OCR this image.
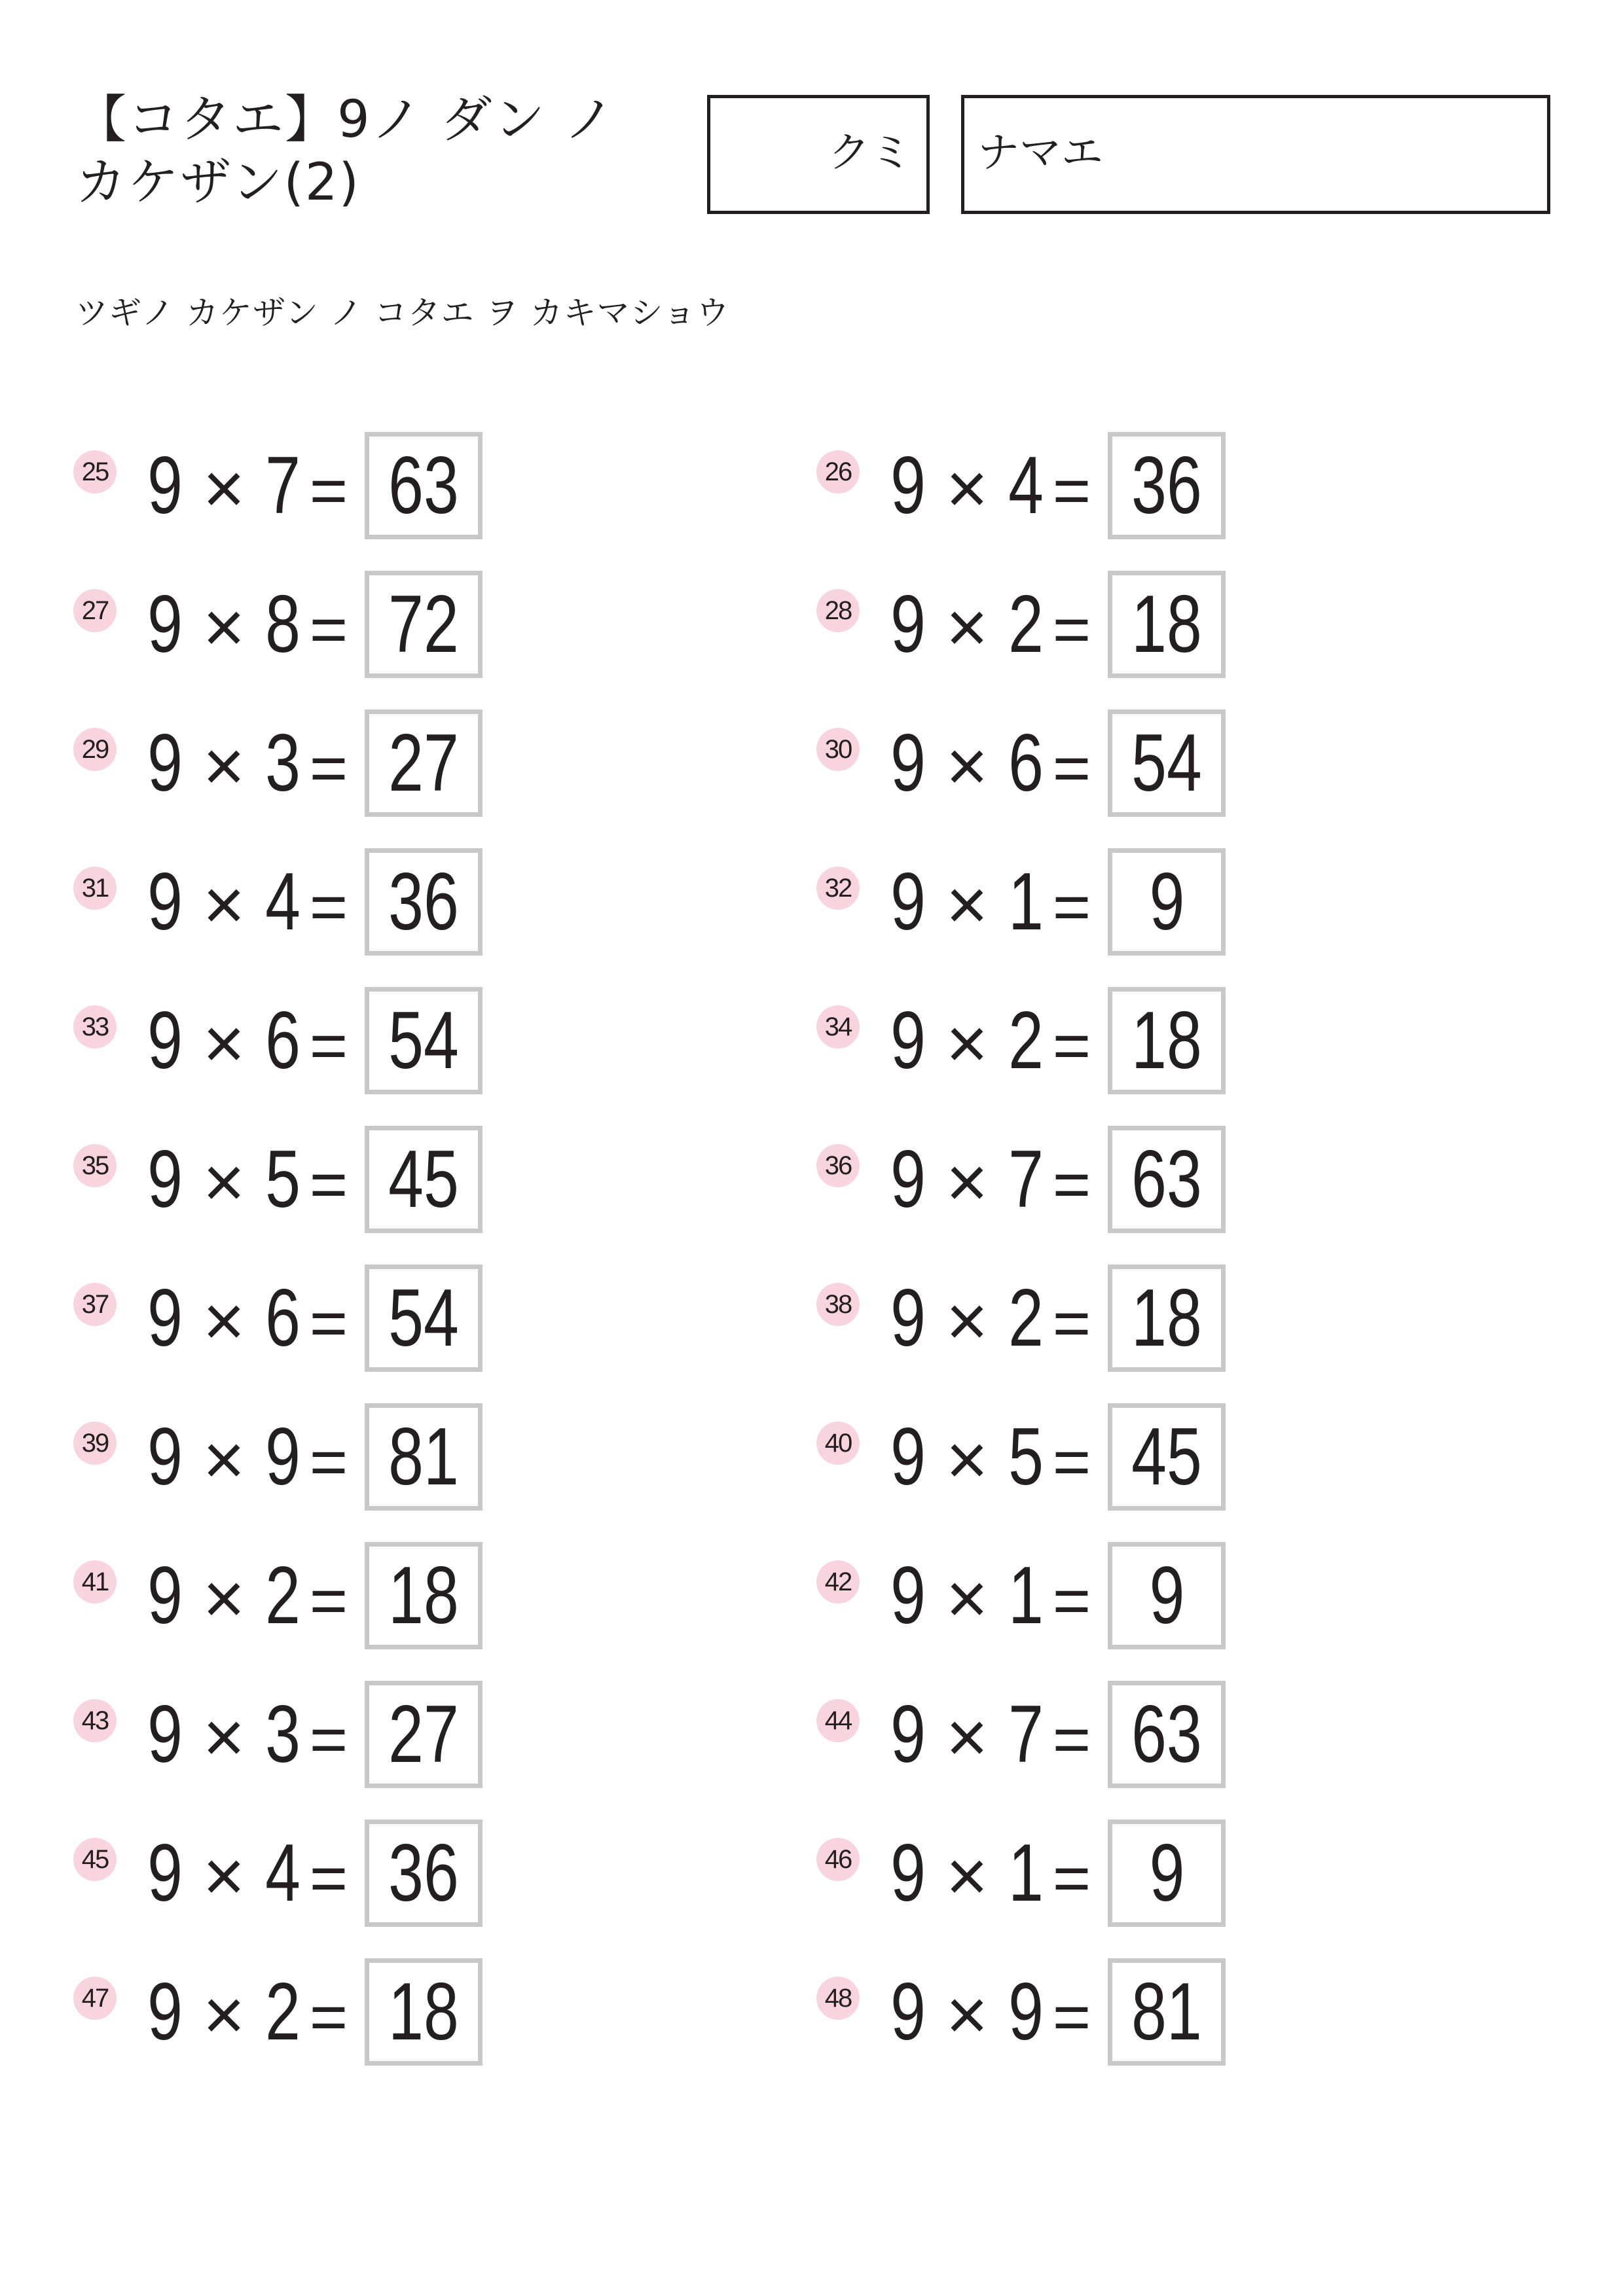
【コタエ】9ノ ダン ノ
カケザン(2)	クミ ナマエ
ツギノ カケザン ノ コタエ ヲ カキマショウ
25 9 × 7 = 63	26 9 × 4 = 36
27 9 × 8 = 72	28 9 × 2 = 18
29 9 × 3 = 27	30 9 × 6 = 54
31 9 × 4 = 36	32 9 × 1 = 9
33 9 × 6 = 54	34 9 × 2 = 18
35 9 × 5 = 45	36 9 × 7 = 63
37 9 × 6 = 54	38 9 × 2 = 18
39 9 × 9 = 81	40 9 × 5 = 45
41 9 × 2 = 18	42 9 × 1 = 9
43 9 × 3 = 27	44 9 × 7 = 63
45 9 × 4 = 36	46 9 × 1 = 9
47 9 × 2 = 18	48 9 × 9 = 81
